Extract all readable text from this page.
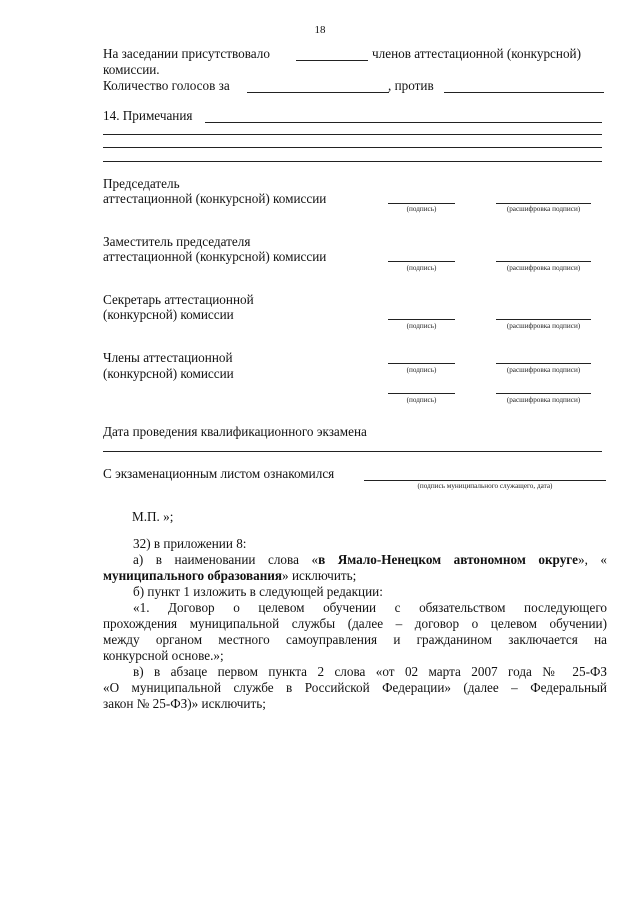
18
На заседании присутствовало	членов аттестационной (конкурсной)
комиссии.
Количество голосов за	, против
14. Примечания
Председатель
аттестационной (конкурсной) комиссии
(подпись)	(расшифровка подписи)
Заместитель председателя
аттестационной (конкурсной) комиссии
(подпись)	(расшифровка подписи)
Секретарь аттестационной
(конкурсной) комиссии
(подпись)	(расшифровка подписи)
Члены аттестационной
(конкурсной) комиссии	(подпись)	(расшифровка подписи)
(подпись)	(расшифровка подписи)
Дата проведения квалификационного экзамена
С экзаменационным листом ознакомился
(подпись муниципального служащего, дата)
М.П. »;
32) в приложении 8:
а) в наименовании слова «в Ямало-Ненецком автономном округе», «
муниципального образования» исключить;
б) пункт 1 изложить в следующей редакции:
«1. Договор о целевом обучении с обязательством последующего
прохождения муниципальной службы (далее – договор о целевом обучении)
между органом местного самоуправления и гражданином заключается на
конкурсной основе.»;
в) в абзаце первом пункта 2 слова «от 02 марта 2007 года № 25-ФЗ
«О муниципальной службе в Российской Федерации» (далее – Федеральный
закон № 25-ФЗ)» исключить;
